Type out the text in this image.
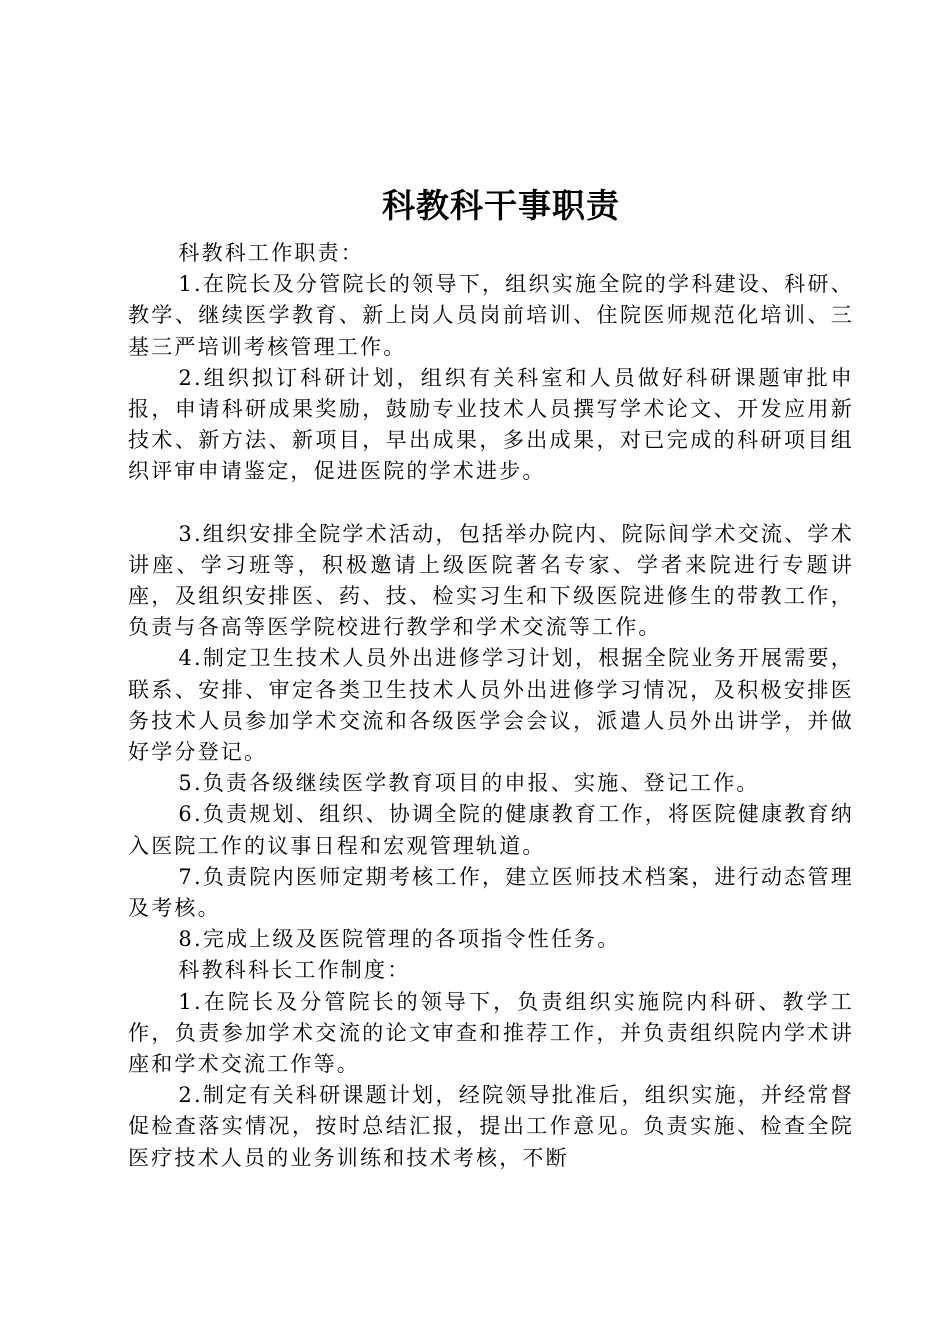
科教科干事职责

科教科工作职责：

1.在院长及分管院长的领导下，组织实施全院的学科建设、科研、教学、继续医学教育、新上岗人员岗前培训、住院医师规范化培训、三基三严培训考核管理工作。

2.组织拟订科研计划，组织有关科室和人员做好科研课题审批申报，申请科研成果奖励，鼓励专业技术人员撰写学术论文、开发应用新技术、新方法、新项目，早出成果，多出成果，对已完成的科研项目组织评审申请鉴定，促进医院的学术进步。

3.组织安排全院学术活动，包括举办院内、院际间学术交流、学术讲座、学习班等，积极邀请上级医院著名专家、学者来院进行专题讲座，及组织安排医、药、技、检实习生和下级医院进修生的带教工作，负责与各高等医学院校进行教学和学术交流等工作。

4.制定卫生技术人员外出进修学习计划，根据全院业务开展需要，联系、安排、审定各类卫生技术人员外出进修学习情况，及积极安排医务技术人员参加学术交流和各级医学会会议，派遣人员外出讲学，并做好学分登记。

5.负责各级继续医学教育项目的申报、实施、登记工作。

6.负责规划、组织、协调全院的健康教育工作，将医院健康教育纳入医院工作的议事日程和宏观管理轨道。

7.负责院内医师定期考核工作，建立医师技术档案，进行动态管理及考核。

8.完成上级及医院管理的各项指令性任务。

科教科科长工作制度：

1.在院长及分管院长的领导下，负责组织实施院内科研、教学工作，负责参加学术交流的论文审查和推荐工作，并负责组织院内学术讲座和学术交流工作等。

2.制定有关科研课题计划，经院领导批准后，组织实施，并经常督促检查落实情况，按时总结汇报，提出工作意见。负责实施、检查全院医疗技术人员的业务训练和技术考核，不断
